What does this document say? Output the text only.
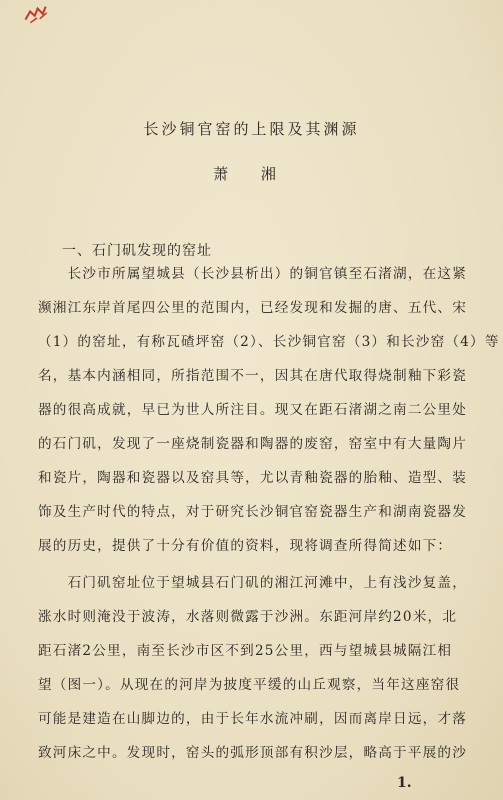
长沙铜官窑的上限及其渊源
萧 湘
一、石门矶发现的窑址
　　长沙市所属望城县（长沙县析出）的铜官镇至石渚湖，在这紧
濒湘江东岸首尾四公里的范围内，已经发现和发掘的唐、五代、宋
（1）的窑址，有称瓦碴坪窑（2）、长沙铜官窑（3）和长沙窑（4）等
名，基本内涵相同，所指范围不一，因其在唐代取得烧制釉下彩瓷
器的很高成就，早已为世人所注目。现又在距石渚湖之南二公里处
的石门矶，发现了一座烧制瓷器和陶器的废窑，窑室中有大量陶片
和瓷片，陶器和瓷器以及窑具等，尤以青釉瓷器的胎釉、造型、装
饰及生产时代的特点，对于研究长沙铜官窑瓷器生产和湖南瓷器发
展的历史，提供了十分有价值的资料，现将调查所得简述如下：
　　石门矶窑址位于望城县石门矶的湘江河滩中，上有浅沙复盖，
涨水时则淹没于波涛，水落则微露于沙洲。东距河岸约20米，北
距石渚2公里，南至长沙市区不到25公里，西与望城县城隔江相
望（图一）。从现在的河岸为披度平缓的山丘观察，当年这座窑很
可能是建造在山脚边的，由于长年水流冲刷，因而离岸日远，才落
致河床之中。发现时，窑头的弧形顶部有积沙层，略高于平展的沙
1.
